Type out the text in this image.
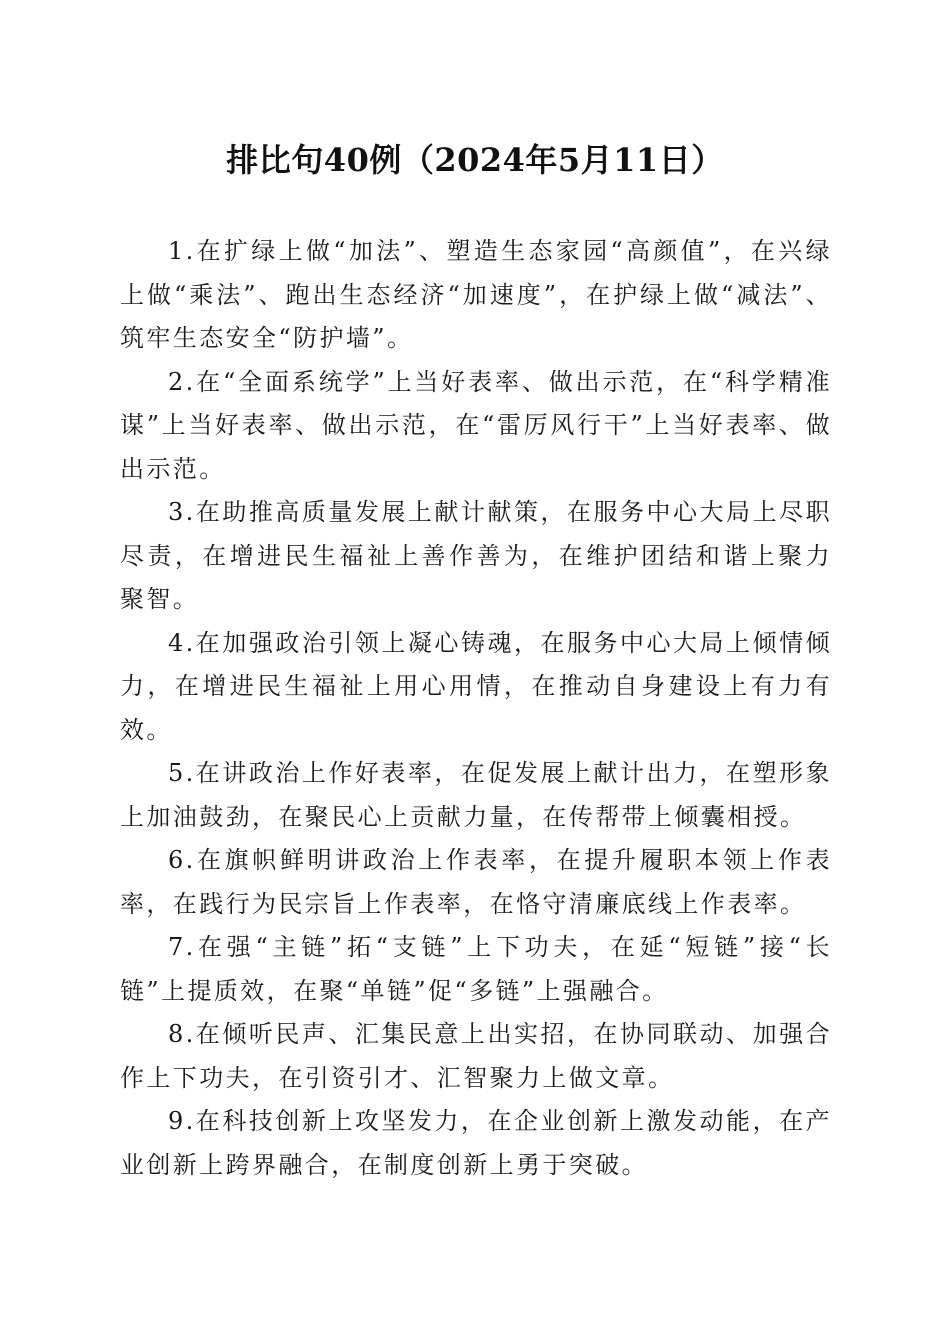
排比句40例（2024年5月11日）

1.在扩绿上做“加法”、塑造生态家园“高颜值”，在兴绿上做“乘法”、跑出生态经济“加速度”，在护绿上做“减法”、筑牢生态安全“防护墙”。

2.在“全面系统学”上当好表率、做出示范，在“科学精准谋”上当好表率、做出示范，在“雷厉风行干”上当好表率、做出示范。

3.在助推高质量发展上献计献策，在服务中心大局上尽职尽责，在增进民生福祉上善作善为，在维护团结和谐上聚力聚智。

4.在加强政治引领上凝心铸魂，在服务中心大局上倾情倾力，在增进民生福祉上用心用情，在推动自身建设上有力有效。

5.在讲政治上作好表率，在促发展上献计出力，在塑形象上加油鼓劲，在聚民心上贡献力量，在传帮带上倾囊相授。

6.在旗帜鲜明讲政治上作表率，在提升履职本领上作表率，在践行为民宗旨上作表率，在恪守清廉底线上作表率。

7.在强“主链”拓“支链”上下功夫，在延“短链”接“长链”上提质效，在聚“单链”促“多链”上强融合。

8.在倾听民声、汇集民意上出实招，在协同联动、加强合作上下功夫，在引资引才、汇智聚力上做文章。

9.在科技创新上攻坚发力，在企业创新上激发动能，在产业创新上跨界融合，在制度创新上勇于突破。
